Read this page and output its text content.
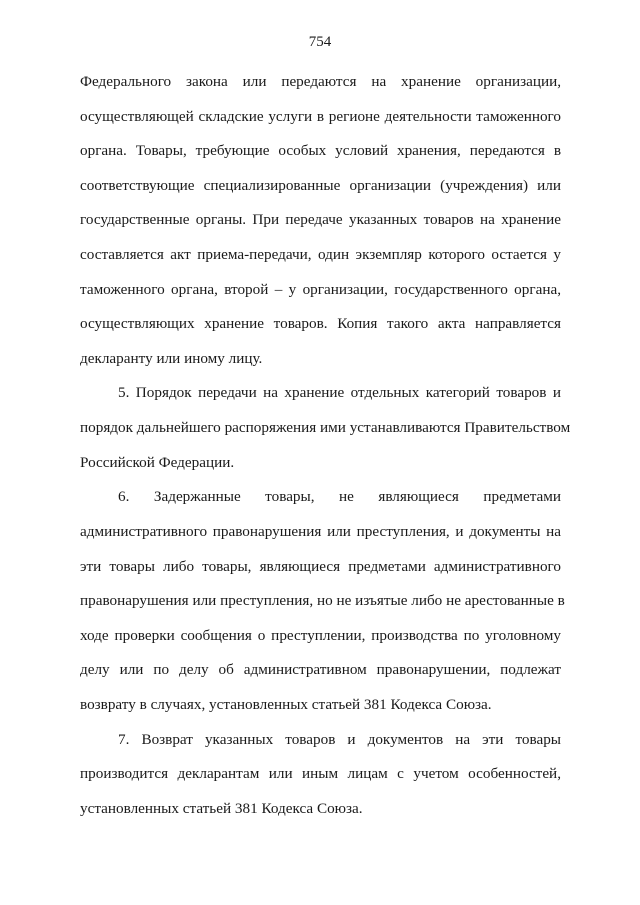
754
Федерального закона или передаются на хранение организации,
осуществляющей складские услуги в регионе деятельности таможенного
органа. Товары, требующие особых условий хранения, передаются в
соответствующие специализированные организации (учреждения) или
государственные органы. При передаче указанных товаров на хранение
составляется акт приема-передачи, один экземпляр которого остается у
таможенного органа, второй – у организации, государственного органа,
осуществляющих хранение товаров. Копия такого акта направляется
декларанту или иному лицу.
5. Порядок передачи на хранение отдельных категорий товаров и
порядок дальнейшего распоряжения ими устанавливаются Правительством
Российской Федерации.
6. Задержанные товары, не являющиеся предметами
административного правонарушения или преступления, и документы на
эти товары либо товары, являющиеся предметами административного
правонарушения или преступления, но не изъятые либо не арестованные в
ходе проверки сообщения о преступлении, производства по уголовному
делу или по делу об административном правонарушении, подлежат
возврату в случаях, установленных статьей 381 Кодекса Союза.
7. Возврат указанных товаров и документов на эти товары
производится декларантам или иным лицам с учетом особенностей,
установленных статьей 381 Кодекса Союза.
